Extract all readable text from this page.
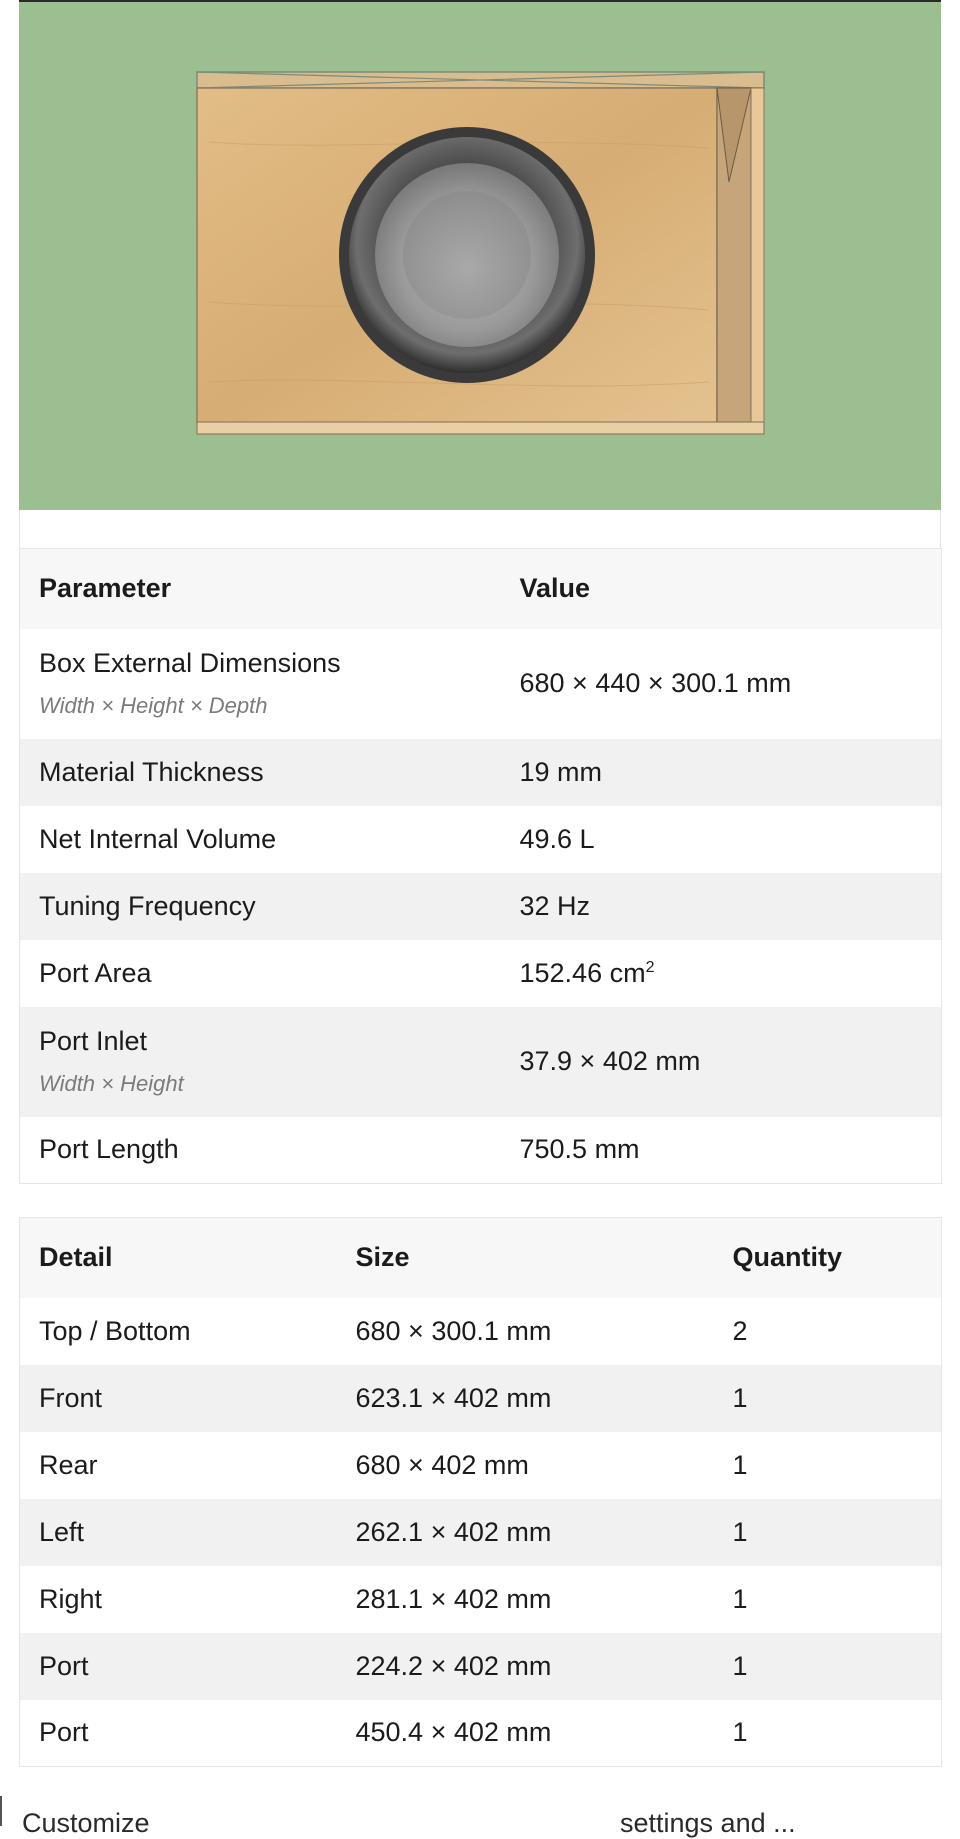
Parameter	Value
Box External Dimensions
Width × Height × Depth	680 × 440 × 300.1 mm
Material Thickness	19 mm
Net Internal Volume	49.6 L
Tuning Frequency	32 Hz
Port Area	152.46 $cm^2$
Port Inlet
Width × Height	37.9 × 402 mm
Port Length	750.5 mm
Detail	Size	Quantity
Top / Bottom	680 × 300.1 mm	2
Front	623.1 × 402 mm	1
Rear	680 × 402 mm	1
Left	262.1 × 402 mm	1
Right	281.1 × 402 mm	1
Port	224.2 × 402 mm	1
Port	450.4 × 402 mm	1
Customize	settings and ...
